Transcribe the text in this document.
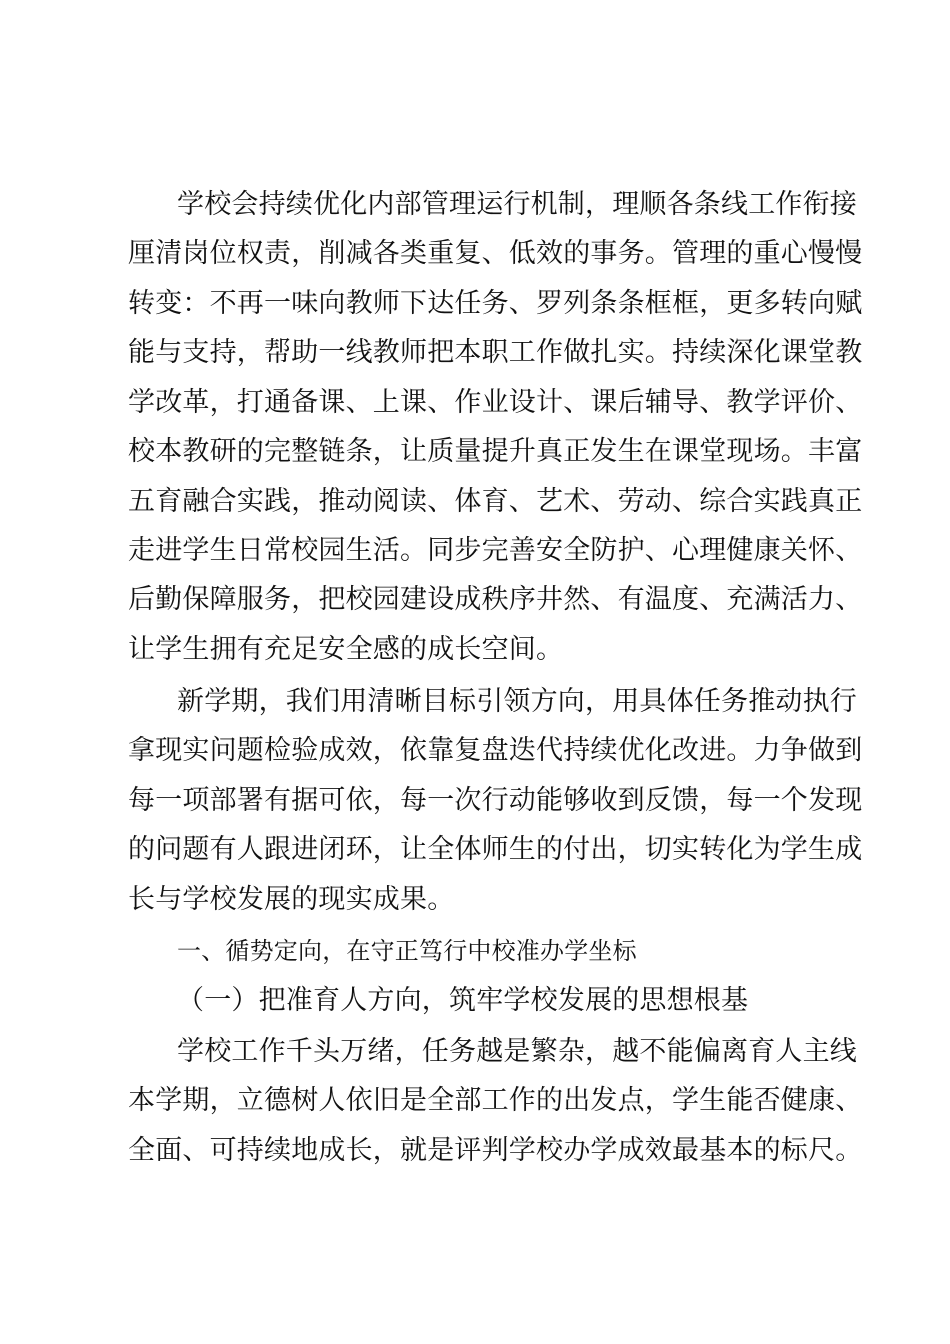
学校会持续优化内部管理运行机制，理顺各条线工作衔接
厘清岗位权责，削减各类重复、低效的事务。管理的重心慢慢
转变：不再一味向教师下达任务、罗列条条框框，更多转向赋
能与支持，帮助一线教师把本职工作做扎实。持续深化课堂教
学改革，打通备课、上课、作业设计、课后辅导、教学评价、
校本教研的完整链条，让质量提升真正发生在课堂现场。丰富
五育融合实践，推动阅读、体育、艺术、劳动、综合实践真正
走进学生日常校园生活。同步完善安全防护、心理健康关怀、
后勤保障服务，把校园建设成秩序井然、有温度、充满活力、
让学生拥有充足安全感的成长空间。
新学期，我们用清晰目标引领方向，用具体任务推动执行
拿现实问题检验成效，依靠复盘迭代持续优化改进。力争做到
每一项部署有据可依，每一次行动能够收到反馈，每一个发现
的问题有人跟进闭环，让全体师生的付出，切实转化为学生成
长与学校发展的现实成果。
一、循势定向，在守正笃行中校准办学坐标
（一）把准育人方向，筑牢学校发展的思想根基
学校工作千头万绪，任务越是繁杂，越不能偏离育人主线
本学期，立德树人依旧是全部工作的出发点，学生能否健康、
全面、可持续地成长，就是评判学校办学成效最基本的标尺。
